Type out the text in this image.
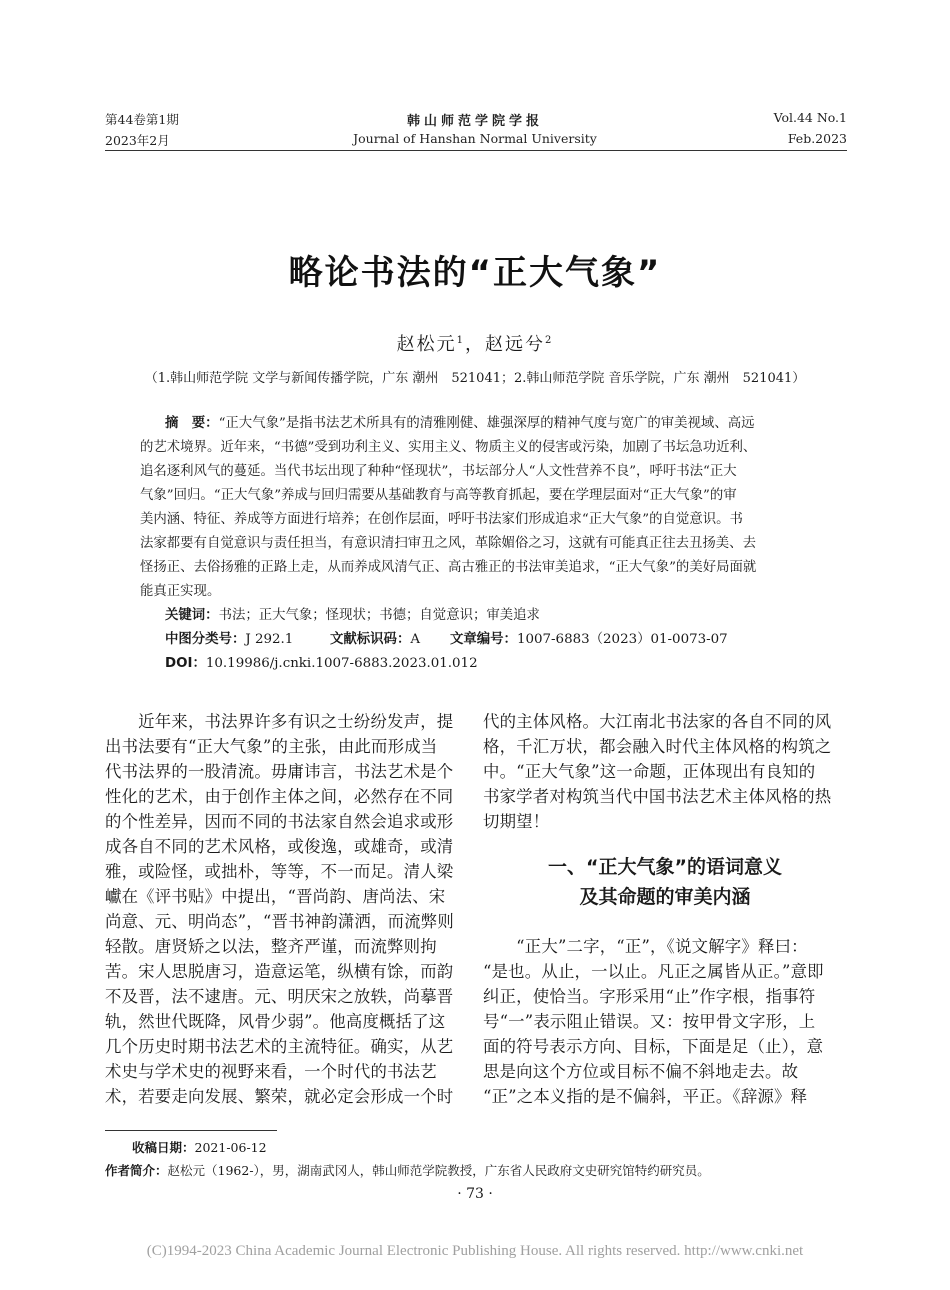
第44卷第1期
2023年2月
韩山师范学院学报
Journal of Hanshan Normal University
Vol.44 No.1
Feb.2023
略论书法的“正大气象”
赵松元$^1$，赵远兮$^2$
（1.韩山师范学院 文学与新闻传播学院，广东 潮州　521041；2.韩山师范学院 音乐学院，广东 潮州　521041）
摘　要：“正大气象”是指书法艺术所具有的清雅刚健、雄强深厚的精神气度与宽广的审美视域、高远
的艺术境界。近年来，“书德”受到功利主义、实用主义、物质主义的侵害或污染，加剧了书坛急功近利、
追名逐利风气的蔓延。当代书坛出现了种种“怪现状”，书坛部分人“人文性营养不良”，呼吁书法“正大
气象”回归。“正大气象”养成与回归需要从基础教育与高等教育抓起，要在学理层面对“正大气象”的审
美内涵、特征、养成等方面进行培养；在创作层面，呼吁书法家们形成追求“正大气象”的自觉意识。书
法家都要有自觉意识与责任担当，有意识清扫审丑之风，革除媚俗之习，这就有可能真正往去丑扬美、去
怪扬正、去俗扬雅的正路上走，从而养成风清气正、高古雅正的书法审美追求，“正大气象”的美好局面就
能真正实现。
关键词：书法；正大气象；怪现状；书德；自觉意识；审美追求
中图分类号：J 292.1	文献标识码：A 文章编号：1007-6883（2023）01-0073-07
DOI：10.19986/j.cnki.1007-6883.2023.01.012
　　近年来，书法界许多有识之士纷纷发声，提
出书法要有“正大气象”的主张，由此而形成当
代书法界的一股清流。毋庸讳言，书法艺术是个
性化的艺术，由于创作主体之间，必然存在不同
的个性差异，因而不同的书法家自然会追求或形
成各自不同的艺术风格，或俊逸，或雄奇，或清
雅，或险怪，或拙朴，等等，不一而足。清人梁
巘在《评书贴》中提出，“晋尚韵、唐尚法、宋
尚意、元、明尚态”，“晋书神韵潇洒，而流弊则
轻散。唐贤矫之以法，整齐严谨，而流弊则拘
苦。宋人思脱唐习，造意运笔，纵横有馀，而韵
不及晋，法不逮唐。元、明厌宋之放轶，尚摹晋
轨，然世代既降，风骨少弱”。他高度概括了这
几个历史时期书法艺术的主流特征。确实，从艺
术史与学术史的视野来看，一个时代的书法艺
术，若要走向发展、繁荣，就必定会形成一个时
代的主体风格。大江南北书法家的各自不同的风
格，千汇万状，都会融入时代主体风格的构筑之
中。“正大气象”这一命题，正体现出有良知的
书家学者对构筑当代中国书法艺术主体风格的热
切期望！
一、“正大气象”的语词意义
及其命题的审美内涵
　　“正大”二字，“正”，《说文解字》释曰：
“是也。从止，一以止。凡正之属皆从正。”意即
纠正，使恰当。字形采用“止”作字根，指事符
号“一”表示阻止错误。又：按甲骨文字形，上
面的符号表示方向、目标，下面是足（止），意
思是向这个方位或目标不偏不斜地走去。故
“正”之本义指的是不偏斜，平正。《辞源》释
收稿日期：2021-06-12
作者简介：赵松元（1962-），男，湖南武冈人，韩山师范学院教授，广东省人民政府文史研究馆特约研究员。
· 73 ·
(C)1994-2023 China Academic Journal Electronic Publishing House. All rights reserved. http://www.cnki.net
